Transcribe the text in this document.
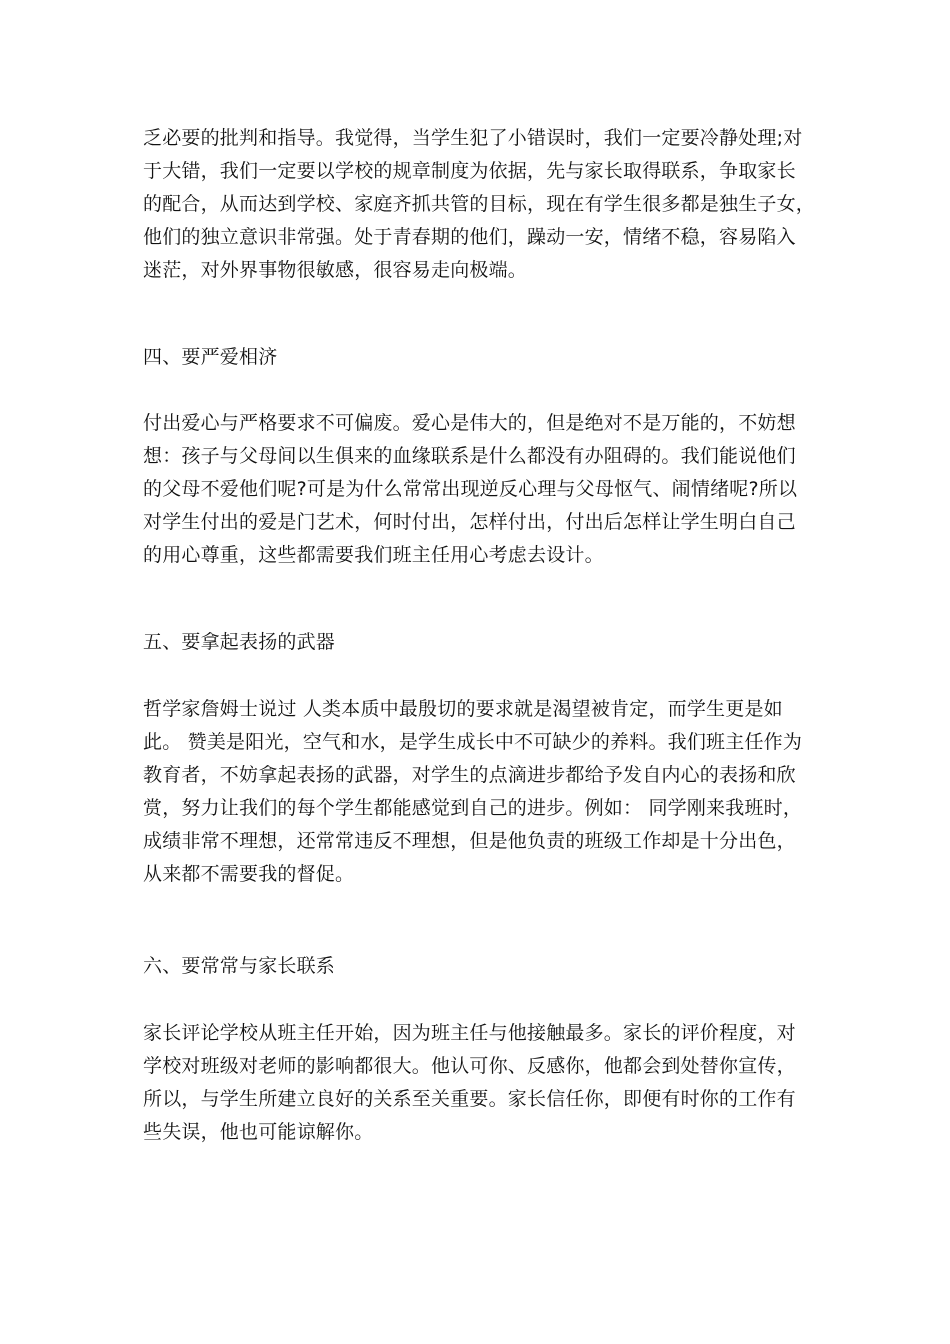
乏必要的批判和指导。我觉得，当学生犯了小错误时，我们一定要冷静处理;对
于大错，我们一定要以学校的规章制度为依据，先与家长取得联系，争取家长
的配合，从而达到学校、家庭齐抓共管的目标，现在有学生很多都是独生子女，
他们的独立意识非常强。处于青春期的他们，躁动一安，情绪不稳，容易陷入
迷茫，对外界事物很敏感，很容易走向极端。
四、要严爱相济
付出爱心与严格要求不可偏废。爱心是伟大的，但是绝对不是万能的，不妨想
想：孩子与父母间以生俱来的血缘联系是什么都没有办阻碍的。我们能说他们
的父母不爱他们呢?可是为什么常常出现逆反心理与父母怄气、闹情绪呢?所以
对学生付出的爱是门艺术，何时付出，怎样付出，付出后怎样让学生明白自己
的用心尊重，这些都需要我们班主任用心考虑去设计。
五、要拿起表扬的武器
哲学家詹姆士说过 人类本质中最殷切的要求就是渴望被肯定，而学生更是如
此。 赞美是阳光，空气和水，是学生成长中不可缺少的养料。我们班主任作为
教育者，不妨拿起表扬的武器，对学生的点滴进步都给予发自内心的表扬和欣
赏，努力让我们的每个学生都能感觉到自己的进步。例如： 同学刚来我班时，
成绩非常不理想，还常常违反不理想，但是他负责的班级工作却是十分出色，
从来都不需要我的督促。
六、要常常与家长联系
家长评论学校从班主任开始，因为班主任与他接触最多。家长的评价程度，对
学校对班级对老师的影响都很大。他认可你、反感你，他都会到处替你宣传，
所以，与学生所建立良好的关系至关重要。家长信任你，即便有时你的工作有
些失误，他也可能谅解你。
